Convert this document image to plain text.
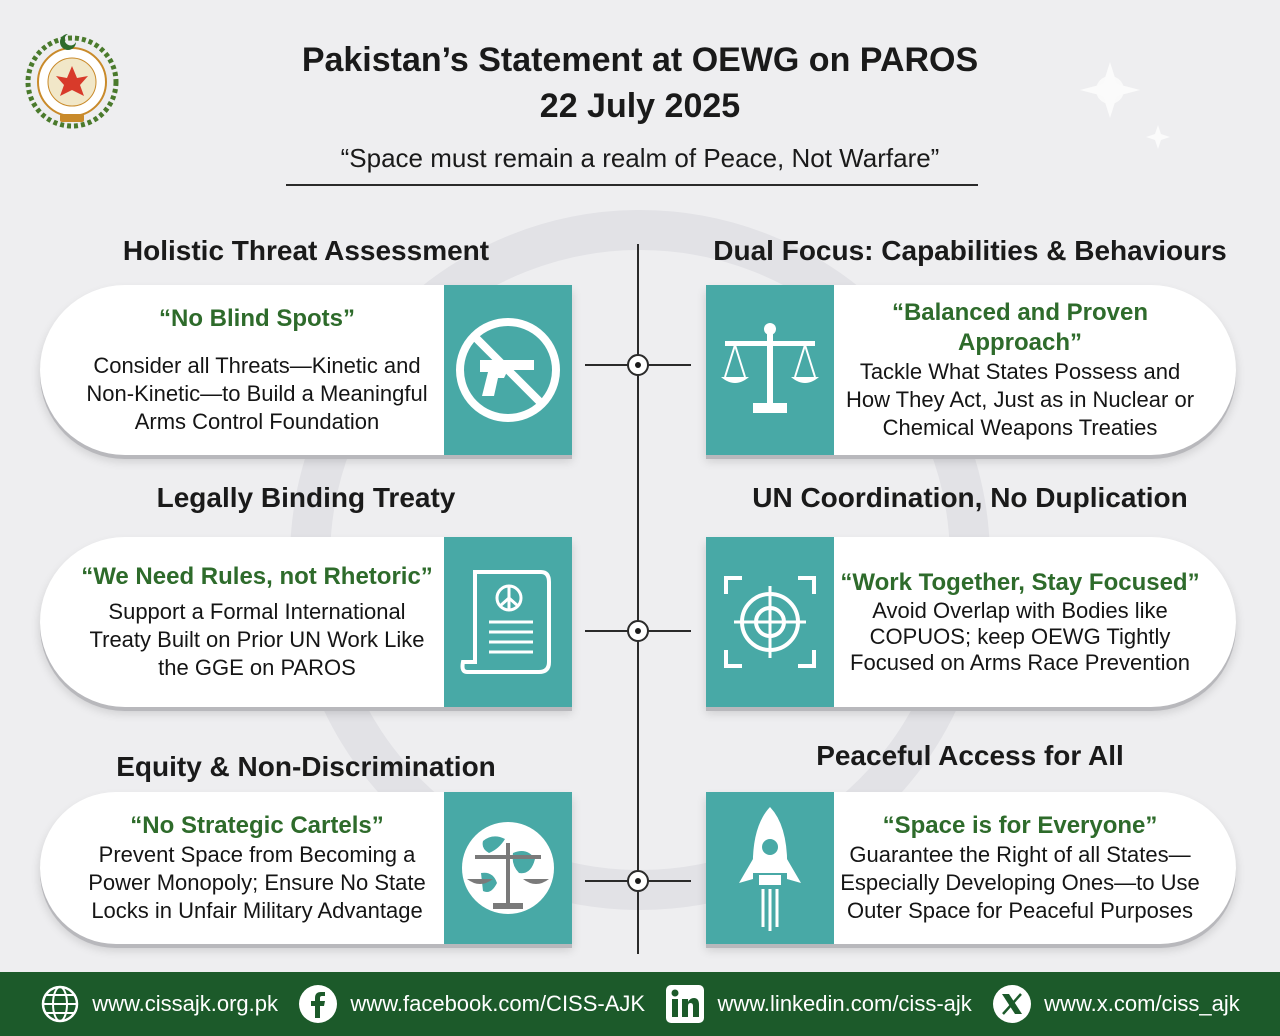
Pakistan’s Statement at OEWG on PAROS
22 July 2025
“Space must remain a realm of Peace, Not Warfare”
Holistic Threat Assessment
“No Blind Spots”
Consider all Threats—Kinetic and Non-Kinetic—to Build a Meaningful Arms Control Foundation
Dual Focus: Capabilities & Behaviours
“Balanced and Proven Approach”
Tackle What States Possess and How They Act, Just as in Nuclear or Chemical Weapons Treaties
Legally Binding Treaty
“We Need Rules, not Rhetoric”
Support a Formal International Treaty Built on Prior UN Work Like the GGE on PAROS
UN Coordination, No Duplication
“Work Together, Stay Focused”
Avoid Overlap with Bodies like COPUOS; keep OEWG Tightly Focused on Arms Race Prevention
Equity & Non-Discrimination
“No Strategic Cartels”
Prevent Space from Becoming a Power Monopoly; Ensure No State Locks in Unfair Military Advantage
Peaceful Access for All
“Space is for Everyone”
Guarantee the Right of all States—Especially Developing Ones—to Use Outer Space for Peaceful Purposes
www.cissajk.org.pk	www.facebook.com/CISS-AJK	www.linkedin.com/ciss-ajk	www.x.com/ciss_ajk
